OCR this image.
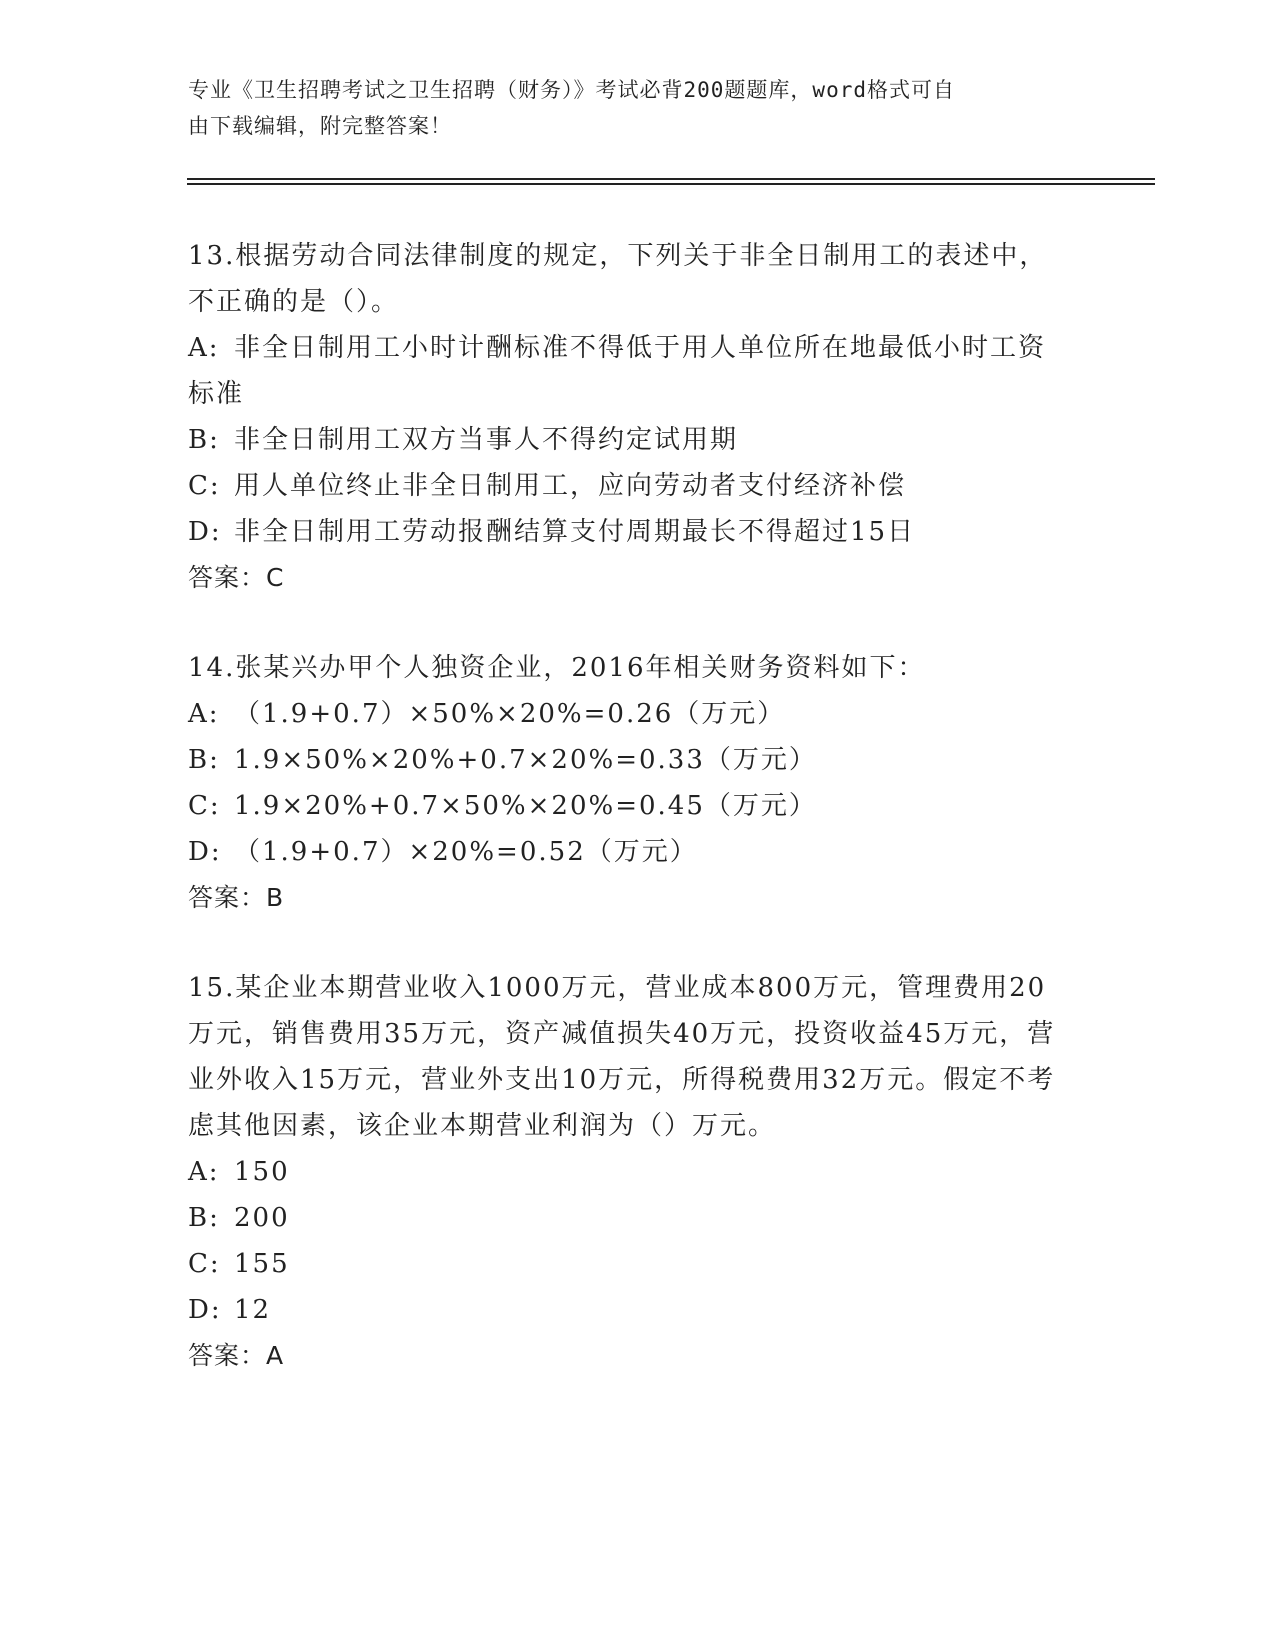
专业《卫生招聘考试之卫生招聘（财务）》考试必背200题题库，word格式可自
由下载编辑，附完整答案！

13.根据劳动合同法律制度的规定，下列关于非全日制用工的表述中，不正确的是（）。

A: 非全日制用工小时计酬标准不得低于用人单位所在地最低小时工资标准

B: 非全日制用工双方当事人不得约定试用期

C: 用人单位终止非全日制用工，应向劳动者支付经济补偿

D: 非全日制用工劳动报酬结算支付周期最长不得超过15日

答案：C

14.张某兴办甲个人独资企业，2016年相关财务资料如下：

A: （1.9+0.7）×50%×20%=0.26（万元）

B: 1.9×50%×20%+0.7×20%=0.33（万元）

C: 1.9×20%+0.7×50%×20%=0.45（万元）

D: （1.9+0.7）×20%=0.52（万元）

答案：B

15.某企业本期营业收入1000万元，营业成本800万元，管理费用20万元，销售费用35万元，资产减值损失40万元，投资收益45万元，营业外收入15万元，营业外支出10万元，所得税费用32万元。假定不考虑其他因素，该企业本期营业利润为（）万元。

A: 150

B: 200

C: 155

D: 12

答案：A
